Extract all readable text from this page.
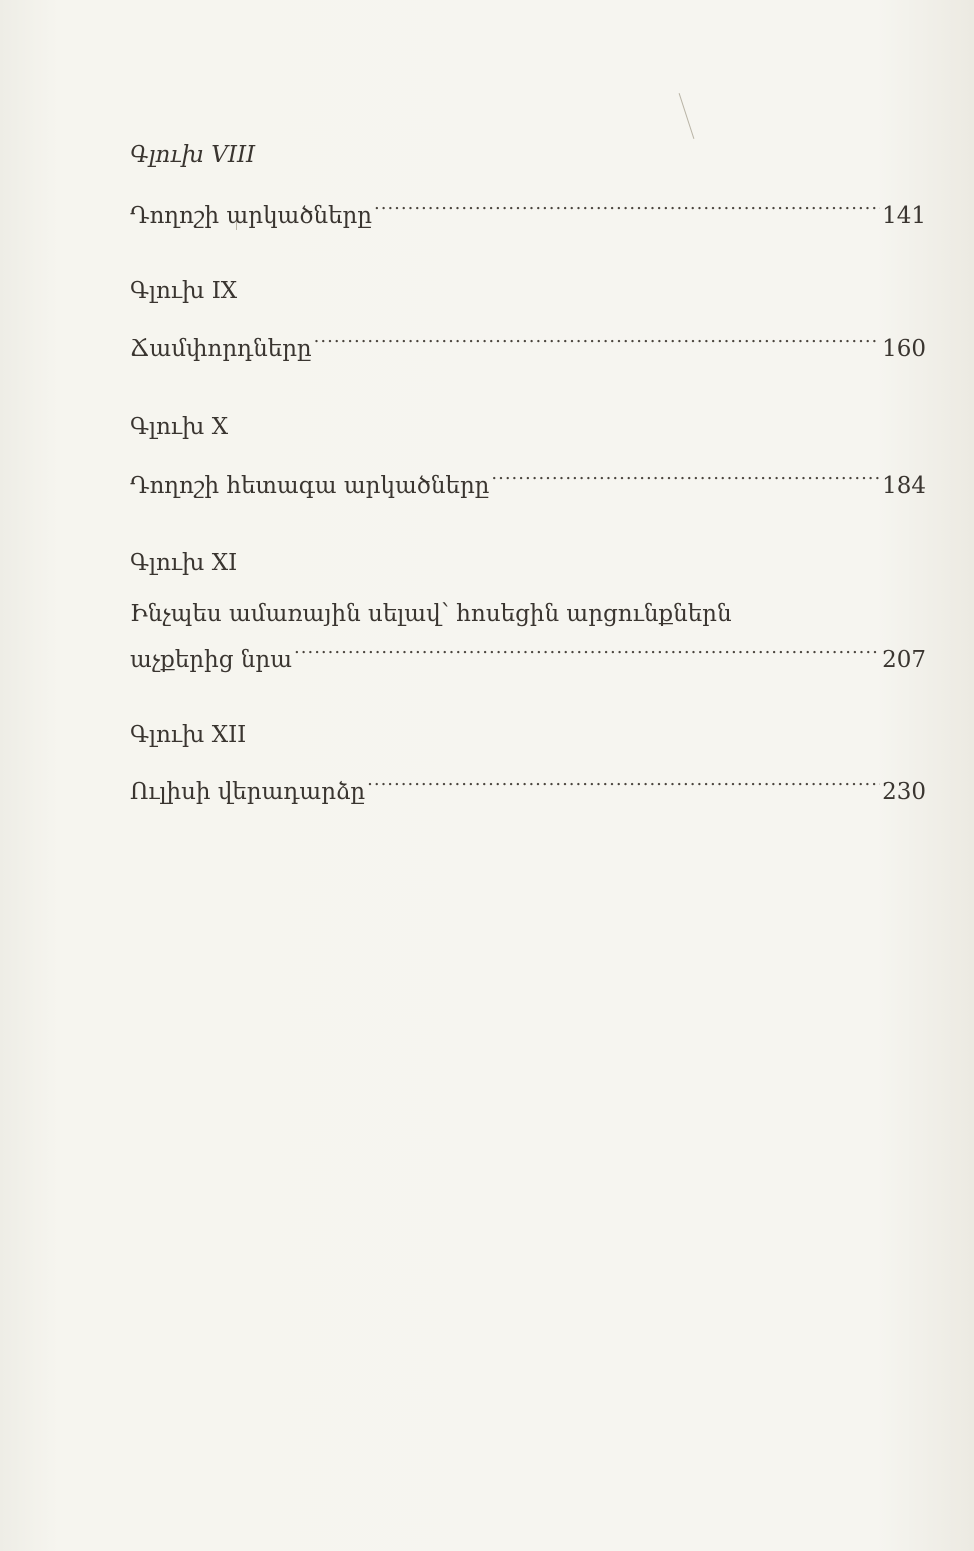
Գլուխ VIII
Դողոշի արկածները .....	141
Գլուխ IX
Ճամփորդները .....	160
Գլուխ X
Դողոշի հետագա արկածները .....	184
Գլուխ XI
Ինչպես ամառային սելավ՝ հոսեցին արցունքներն
աչքերից նրա .....	207
Գլուխ XII
Ուլիսի վերադարձը .....	230
